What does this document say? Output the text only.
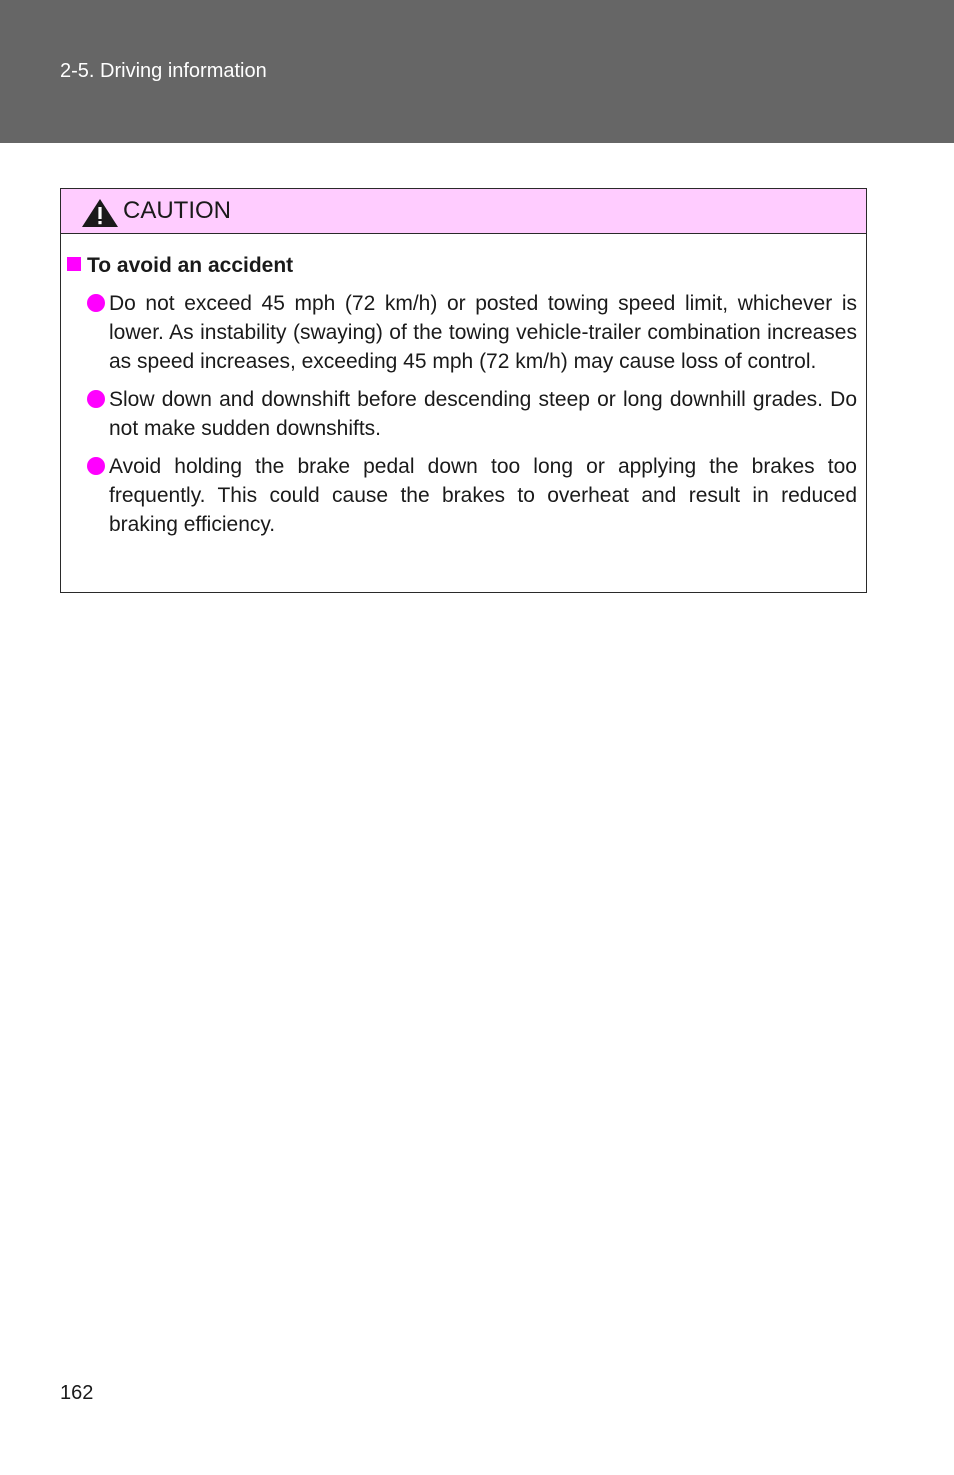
2-5. Driving information
CAUTION
To avoid an accident
Do not exceed 45 mph (72 km/h) or posted towing speed limit, whichever is lower. As instability (swaying) of the towing vehicle-trailer combination increases as speed increases, exceeding 45 mph (72 km/h) may cause loss of control.
Slow down and downshift before descending steep or long downhill grades. Do not make sudden downshifts.
Avoid holding the brake pedal down too long or applying the brakes too frequently. This could cause the brakes to overheat and result in reduced braking efficiency.
162
